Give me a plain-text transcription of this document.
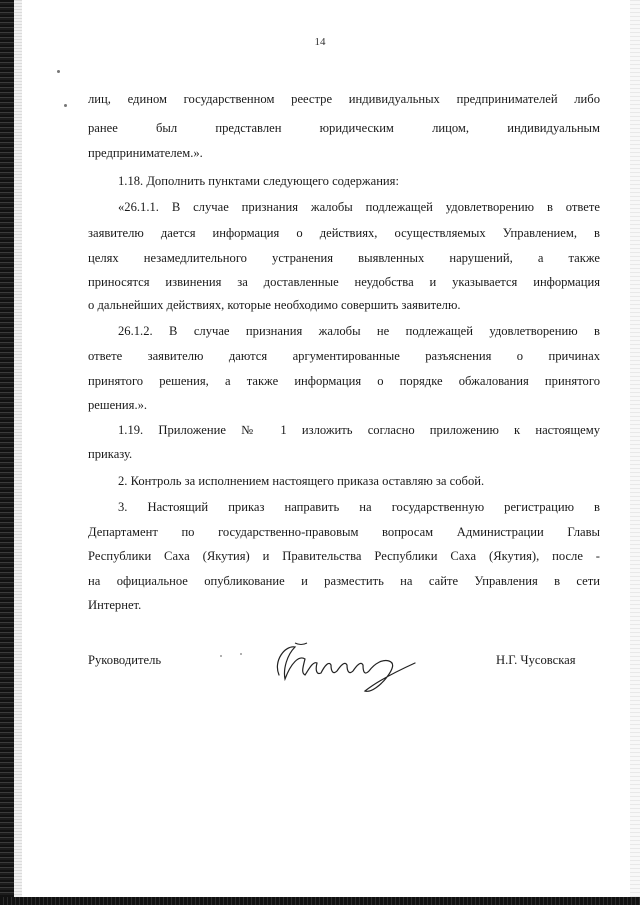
14
лиц, едином государственном реестре индивидуальных предпринимателей либо
ранее был представлен юридическим лицом, индивидуальным
предпринимателем.».
1.18. Дополнить пунктами следующего содержания:
«26.1.1. В случае признания жалобы подлежащей удовлетворению в ответе
заявителю дается информация о действиях, осуществляемых Управлением, в
целях незамедлительного устранения выявленных нарушений, а также
приносятся извинения за доставленные неудобства и указывается информация
о дальнейших действиях, которые необходимо совершить заявителю.
26.1.2. В случае признания жалобы не подлежащей удовлетворению в
ответе заявителю даются аргументированные разъяснения о причинах
принятого решения, а также информация о порядке обжалования принятого
решения.».
1.19. Приложение № 1 изложить согласно приложению к настоящему
приказу.
2. Контроль за исполнением настоящего приказа оставляю за собой.
3. Настоящий приказ направить на государственную регистрацию в
Департамент по государственно-правовым вопросам Администрации Главы
Республики Саха (Якутия) и Правительства Республики Саха (Якутия), после -
на официальное опубликование и разместить на сайте Управления в сети
Интернет.
Руководитель	Н.Г. Чусовская
